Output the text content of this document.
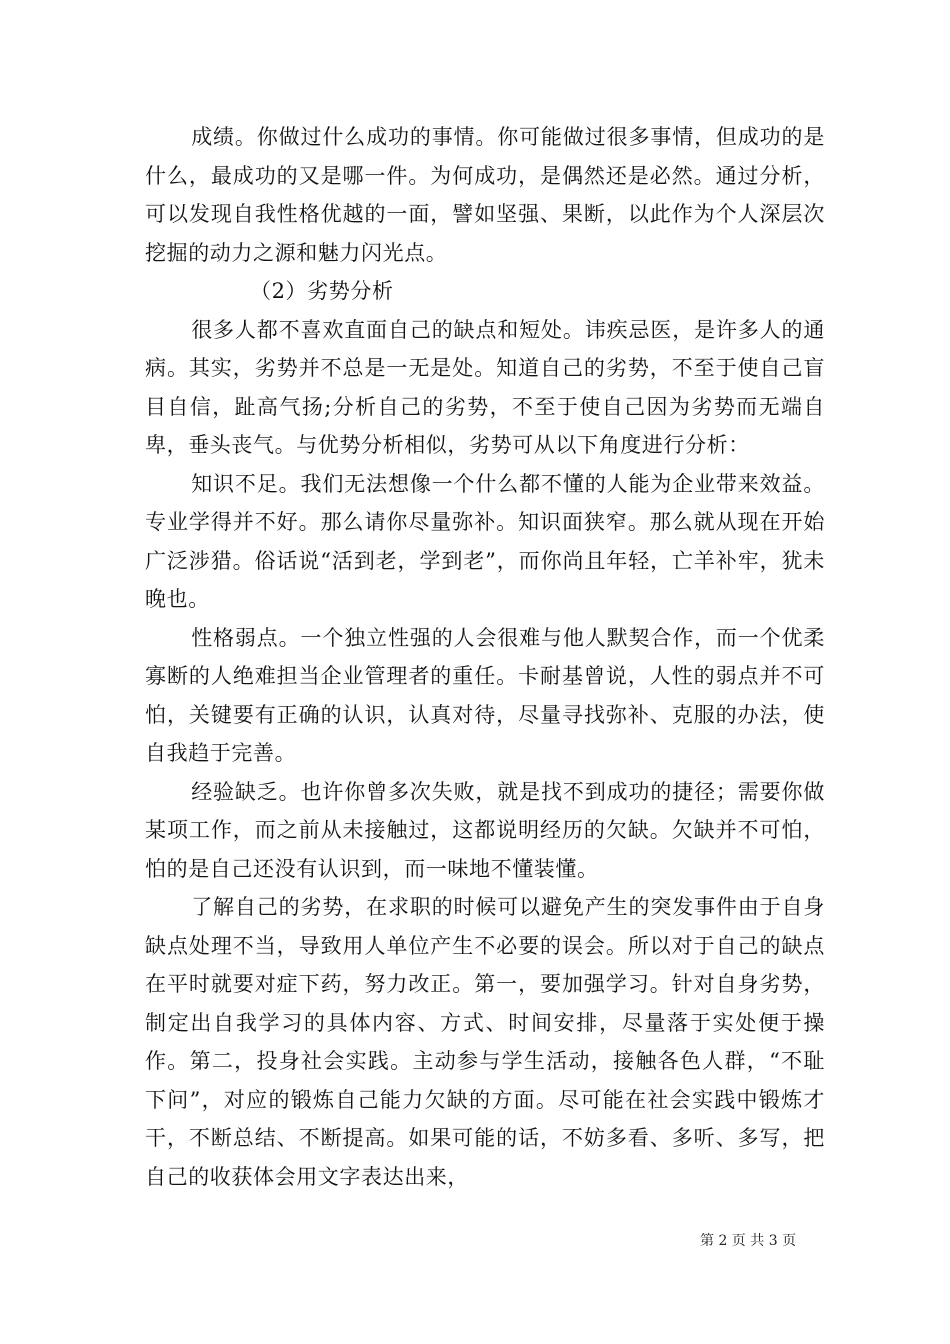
成绩。你做过什么成功的事情。你可能做过很多事情，但成功的是什么，最成功的又是哪一件。为何成功，是偶然还是必然。通过分析，可以发现自我性格优越的一面，譬如坚强、果断，以此作为个人深层次挖掘的动力之源和魅力闪光点。

（2）劣势分析

很多人都不喜欢直面自己的缺点和短处。讳疾忌医，是许多人的通病。其实，劣势并不总是一无是处。知道自己的劣势，不至于使自己盲目自信，趾高气扬;分析自己的劣势，不至于使自己因为劣势而无端自卑，垂头丧气。与优势分析相似，劣势可从以下角度进行分析：

知识不足。我们无法想像一个什么都不懂的人能为企业带来效益。专业学得并不好。那么请你尽量弥补。知识面狭窄。那么就从现在开始广泛涉猎。俗话说“活到老，学到老”，而你尚且年轻，亡羊补牢，犹未晚也。

性格弱点。一个独立性强的人会很难与他人默契合作，而一个优柔寡断的人绝难担当企业管理者的重任。卡耐基曾说，人性的弱点并不可怕，关键要有正确的认识，认真对待，尽量寻找弥补、克服的办法，使自我趋于完善。

经验缺乏。也许你曾多次失败，就是找不到成功的捷径；需要你做某项工作，而之前从未接触过，这都说明经历的欠缺。欠缺并不可怕，怕的是自己还没有认识到，而一味地不懂装懂。

了解自己的劣势，在求职的时候可以避免产生的突发事件由于自身缺点处理不当，导致用人单位产生不必要的误会。所以对于自己的缺点在平时就要对症下药，努力改正。第一，要加强学习。针对自身劣势，制定出自我学习的具体内容、方式、时间安排，尽量落于实处便于操作。第二，投身社会实践。主动参与学生活动，接触各色人群，“不耻下问”，对应的锻炼自己能力欠缺的方面。尽可能在社会实践中锻炼才干，不断总结、不断提高。如果可能的话，不妨多看、多听、多写，把自己的收获体会用文字表达出来，

第 2 页 共 3 页
